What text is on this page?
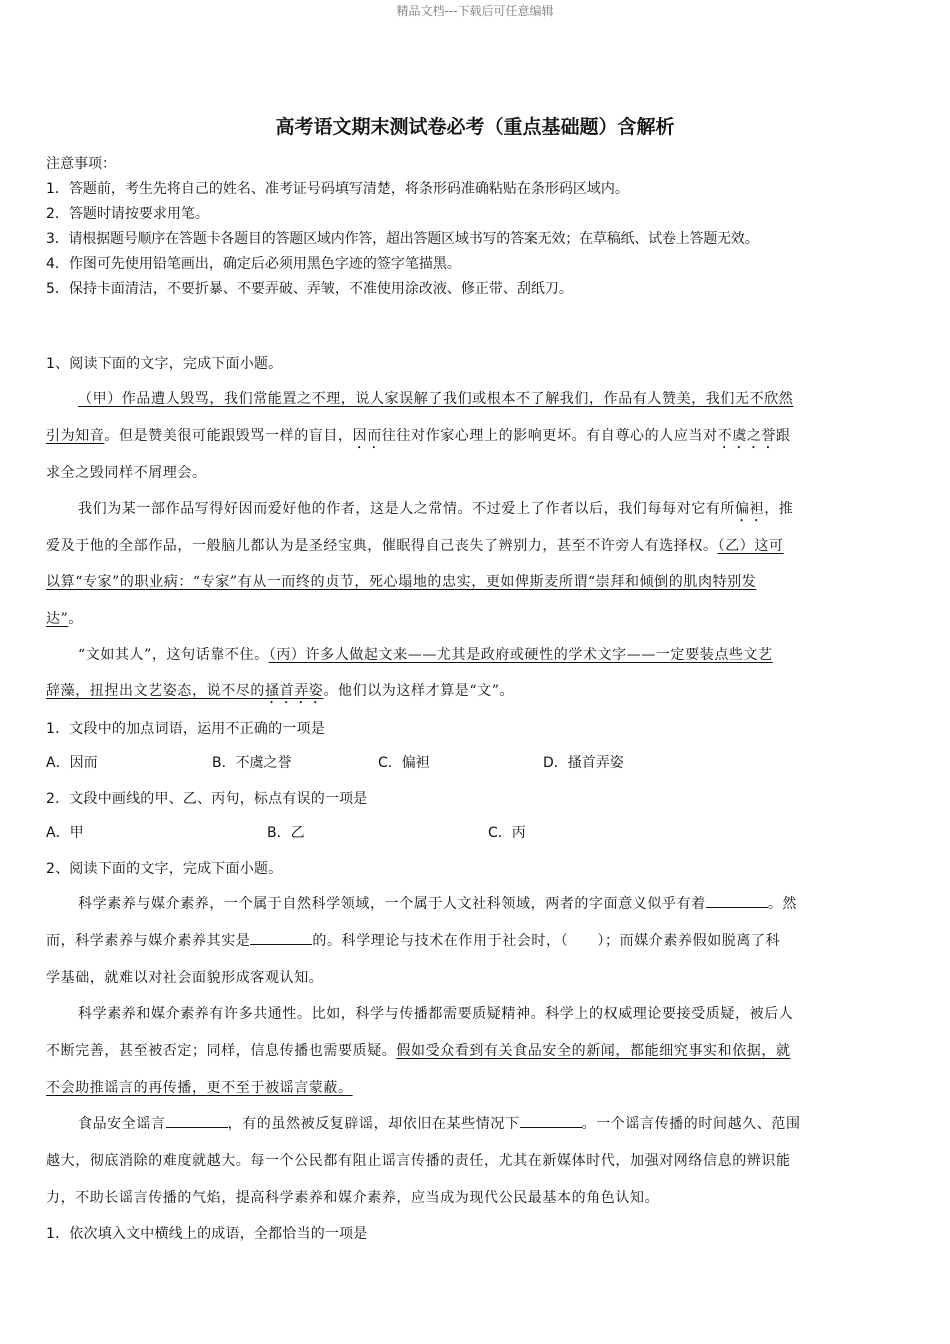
精品文档---下载后可任意编辑
高考语文期末测试卷必考（重点基础题）含解析
注意事项：
1．答题前，考生先将自己的姓名、准考证号码填写清楚，将条形码准确粘贴在条形码区域内。
2．答题时请按要求用笔。
3．请根据题号顺序在答题卡各题目的答题区域内作答，超出答题区域书写的答案无效；在草稿纸、试卷上答题无效。
4．作图可先使用铅笔画出，确定后必须用黑色字迹的签字笔描黑。
5．保持卡面清洁，不要折暴、不要弄破、弄皱，不准使用涂改液、修正带、刮纸刀。
1、阅读下面的文字，完成下面小题。
（甲）作品遭人毁骂，我们常能置之不理，说人家误解了我们或根本不了解我们，作品有人赞美，我们无不欣然
引为知音。但是赞美很可能跟毁骂一样的盲目，因而往往对作家心理上的影响更坏。有自尊心的人应当对不虞之誉跟
求全之毁同样不屑理会。
我们为某一部作品写得好因而爱好他的作者，这是人之常情。不过爱上了作者以后，我们每每对它有所偏袒，推
爱及于他的全部作品，一般脑儿都认为是圣经宝典，催眠得自己丧失了辨别力，甚至不许旁人有选择权。（乙）这可
以算“专家”的职业病：“专家”有从一而终的贞节，死心塌地的忠实，更如俾斯麦所谓“崇拜和倾倒的肌肉特别发
达”。
“文如其人”，这句话靠不住。（丙）许多人做起文来——尤其是政府或硬性的学术文字——一定要装点些文艺
辞藻，扭捏出文艺姿态，说不尽的搔首弄姿。他们以为这样才算是“文”。
1．文段中的加点词语，运用不正确的一项是
A．因而	B．不虞之誉	C．偏袒	D．搔首弄姿
2．文段中画线的甲、乙、丙句，标点有误的一项是
A．甲	B．乙	C．丙
2、阅读下面的文字，完成下面小题。
科学素养与媒介素养，一个属于自然科学领域，一个属于人文社科领域，两者的字面意义似乎有着	。然
而，科学素养与媒介素养其实是	的。科学理论与技术在作用于社会时，（　　）；而媒介素养假如脱离了科
学基础，就难以对社会面貌形成客观认知。
科学素养和媒介素养有许多共通性。比如，科学与传播都需要质疑精神。科学上的权威理论要接受质疑，被后人
不断完善，甚至被否定；同样，信息传播也需要质疑。假如受众看到有关食品安全的新闻，都能细究事实和依据，就
不会助推谣言的再传播，更不至于被谣言蒙蔽。
食品安全谣言	，有的虽然被反复辟谣，却依旧在某些情况下	。一个谣言传播的时间越久、范围
越大，彻底消除的难度就越大。每一个公民都有阻止谣言传播的责任，尤其在新媒体时代，加强对网络信息的辨识能
力，不助长谣言传播的气焰，提高科学素养和媒介素养，应当成为现代公民最基本的角色认知。
1．依次填入文中横线上的成语，全都恰当的一项是
